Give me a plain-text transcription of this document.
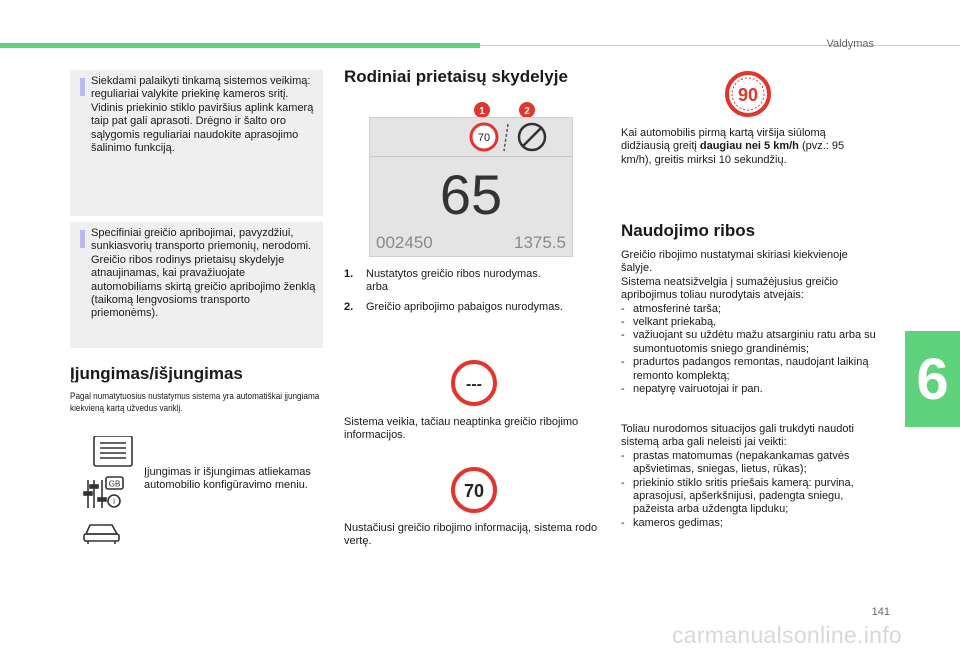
Valdymas
6
141
carmanualsonline.info

Siekdami palaikyti tinkamą sistemos veikimą: reguliariai valykite priekinę kameros sritį.

Vidinis priekinio stiklo paviršius aplink kamerą taip pat gali aprasoti. Drėgno ir šalto oro sąlygomis reguliariai naudokite aprasojimo šalinimo funkciją.

Specifiniai greičio apribojimai, pavyzdžiui, sunkiasvorių transporto priemonių, nerodomi.

Greičio ribos rodinys prietaisų skydelyje atnaujinamas, kai pravažiuojate automobiliams skirtą greičio apribojimo ženklą (taikomą lengvosioms transporto priemonėms).

Įjungimas/išjungimas
Pagal numatytuosius nustatymus sistema yra automatiškai įjungiama kiekvieną kartą užvedus variklį.
GB
i
Įjungimas ir išjungimas atliekamas automobilio konfigūravimo meniu.
Rodiniai prietaisų skydelyje
1	2
70
65
002450	1375.5
1.	Nustatytos greičio ribos nurodymas.
arba
2.	Greičio apribojimo pabaigos nurodymas.
---
Sistema veikia, tačiau neaptinka greičio ribojimo informacijos.
70
Nustačiusi greičio ribojimo informaciją, sistema rodo vertę.
90
Kai automobilis pirmą kartą viršija siūlomą didžiausią greitį daugiau nei 5 km/h (pvz.: 95 km/h), greitis mirksi 10 sekundžių.
Naudojimo ribos

Greičio ribojimo nustatymai skiriasi kiekvienoje šalyje.

Sistema neatsižvelgia į sumažėjusius greičio apribojimus toliau nurodytais atvejais:

- atmosferinė tarša;
- velkant priekabą,
- važiuojant su uždėtu mažu atsarginiu ratu arba su sumontuotomis sniego grandinėmis;
- pradurtos padangos remontas, naudojant laikiną remonto komplektą;
- nepatyrę vairuotojai ir pan.

Toliau nurodomos situacijos gali trukdyti naudoti sistemą arba gali neleisti jai veikti:

- prastas matomumas (nepakankamas gatvės apšvietimas, sniegas, lietus, rūkas);
- priekinio stiklo sritis priešais kamerą: purvina, aprasojusi, apšerkšnijusi, padengta sniegu, pažeista arba uždengta lipduku;
- kameros gedimas;
